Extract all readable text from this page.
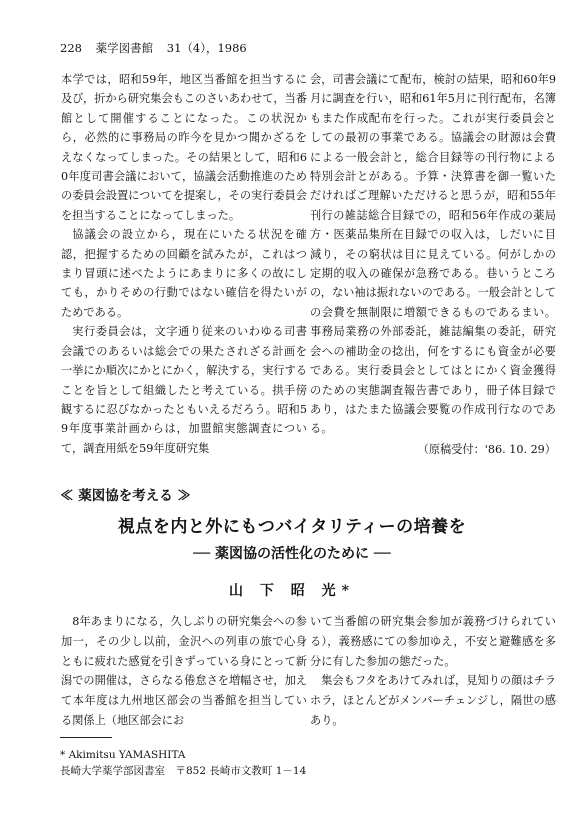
228 薬学図書館 31（4），1986

本学では，昭和59年，地区当番館を担当するに及び，折から研究集会もこのさいあわせて，当番館として開催することになった。この状況から，必然的に事務局の昨今を見かつ聞かざるをえなくなってしまった。その結果として，昭和60年度司書会議において，協議会活動推進のための委員会設置についてを提案し，その実行委員会を担当することになってしまった。

協議会の設立から，現在にいたる状況を確認，把握するための回顧を試みたが，これはつまり冒頭に述べたようにあまりに多くの故にしても，かりそめの行動ではない確信を得たいがためである。

実行委員会は，文字通り従来のいわゆる司書会議でのあるいは総会での果たされざる計画を一挙にか順次にかとにかく，解決する，実行することを旨として組織したと考えている。拱手傍観するに忍びなかったともいえるだろう。昭和59年度事業計画からは，加盟館実態調査について，調査用紙を59年度研究集

会，司書会議にて配布，検討の結果，昭和60年9月に調査を行い，昭和61年5月に刊行配布，名簿もまた作成配布を行った。これが実行委員会としての最初の事業である。協議会の財源は会費による一般会計と，総合目録等の刊行物による特別会計とがある。予算・決算書を御一覧いただければご理解いただけると思うが，昭和55年刊行の雑誌総合目録での，昭和56年作成の薬局方・医薬品集所在目録での収入は，しだいに目減り，その窮状は目に見えている。何がしかの定期的収入の確保が急務である。巷いうところの，ない袖は振れないのである。一般会計としての会費を無制限に増額できるものであるまい。事務局業務の外部委託，雑誌編集の委託，研究会への補助金の捻出，何をするにも資金が必要である。実行委員会としてはとにかく資金獲得のための実態調査報告書であり，冊子体目録であり，はたまた協議会要覧の作成刊行なのである。

（原稿受付：'86. 10. 29）
≪ 薬図協を考える ≫
視点を内と外にもつバイタリティーの培養を
── 薬図協の活性化のために ──
山 下 昭 光*

8年あまりになる，久しぶりの研究集会への参加一，その少し以前，金沢への列車の旅で心身ともに疲れた感覚を引きずっている身にとって新潟での開催は，さらなる倦怠さを増幅させ，加えて本年度は九州地区部会の当番館を担当している関係上（地区部会にお

いて当番館の研究集会参加が義務づけられている），義務感にての参加ゆえ，不安と避難感を多分に有した参加の態だった。

集会もフタをあけてみれば，見知りの顔はチラホラ，ほとんどがメンバーチェンジし，隔世の感あり。

* Akimitsu YAMASHITA
長崎大学薬学部図書室　〒852 長崎市文教町 1－14
